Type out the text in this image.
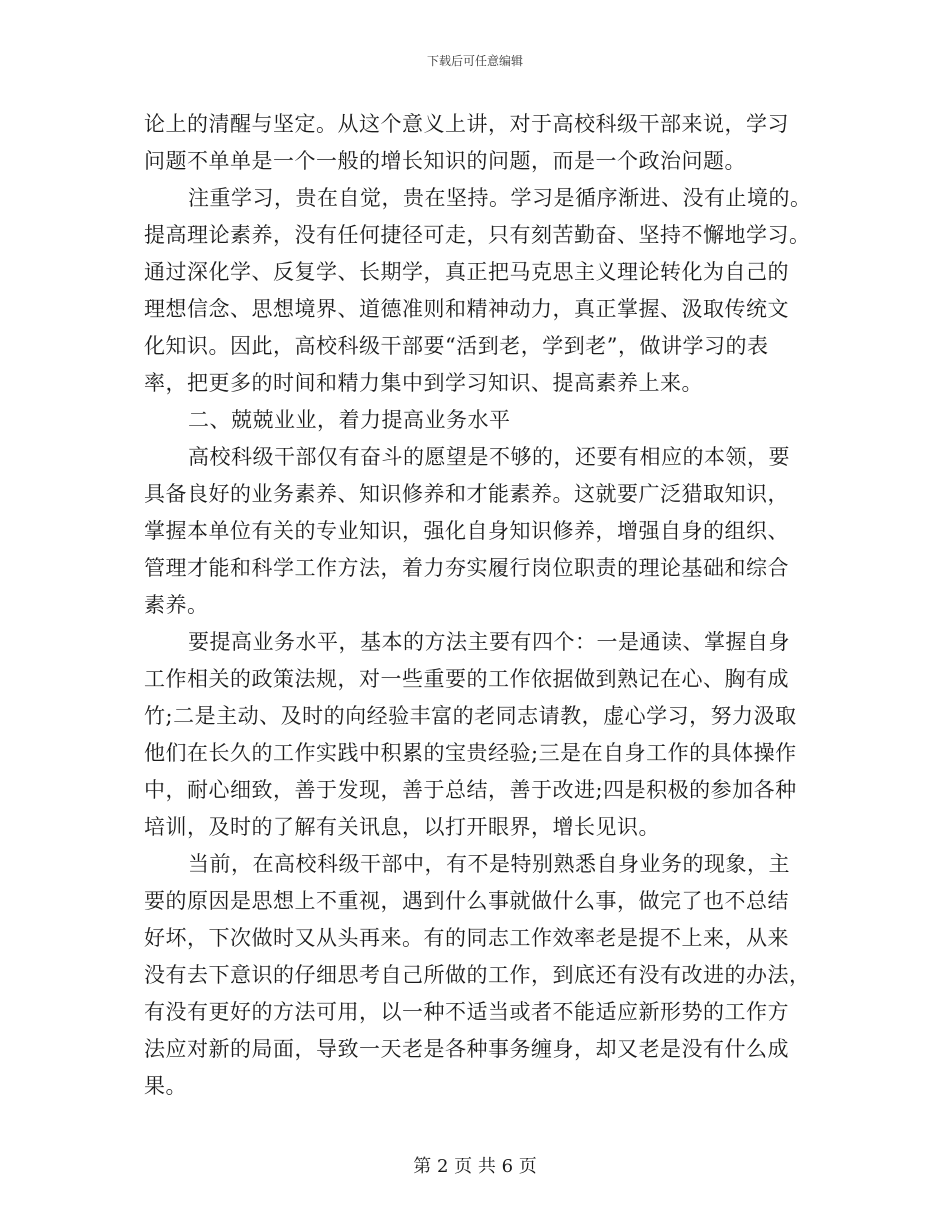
下载后可任意编辑
论上的清醒与坚定。从这个意义上讲，对于高校科级干部来说，学习
问题不单单是一个一般的增长知识的问题，而是一个政治问题。
注重学习，贵在自觉，贵在坚持。学习是循序渐进、没有止境的。
提高理论素养，没有任何捷径可走，只有刻苦勤奋、坚持不懈地学习。
通过深化学、反复学、长期学，真正把马克思主义理论转化为自己的
理想信念、思想境界、道德准则和精神动力，真正掌握、汲取传统文
化知识。因此，高校科级干部要“活到老，学到老”，做讲学习的表
率，把更多的时间和精力集中到学习知识、提高素养上来。
二、兢兢业业，着力提高业务水平
高校科级干部仅有奋斗的愿望是不够的，还要有相应的本领，要
具备良好的业务素养、知识修养和才能素养。这就要广泛猎取知识，
掌握本单位有关的专业知识，强化自身知识修养，增强自身的组织、
管理才能和科学工作方法，着力夯实履行岗位职责的理论基础和综合
素养。
要提高业务水平，基本的方法主要有四个：一是通读、掌握自身
工作相关的政策法规，对一些重要的工作依据做到熟记在心、胸有成
竹;二是主动、及时的向经验丰富的老同志请教，虚心学习，努力汲取
他们在长久的工作实践中积累的宝贵经验;三是在自身工作的具体操作
中，耐心细致，善于发现，善于总结，善于改进;四是积极的参加各种
培训，及时的了解有关讯息，以打开眼界，增长见识。
当前，在高校科级干部中，有不是特别熟悉自身业务的现象，主
要的原因是思想上不重视，遇到什么事就做什么事，做完了也不总结
好坏，下次做时又从头再来。有的同志工作效率老是提不上来，从来
没有去下意识的仔细思考自己所做的工作，到底还有没有改进的办法，
有没有更好的方法可用，以一种不适当或者不能适应新形势的工作方
法应对新的局面，导致一天老是各种事务缠身，却又老是没有什么成
果。
第 2 页 共 6 页
